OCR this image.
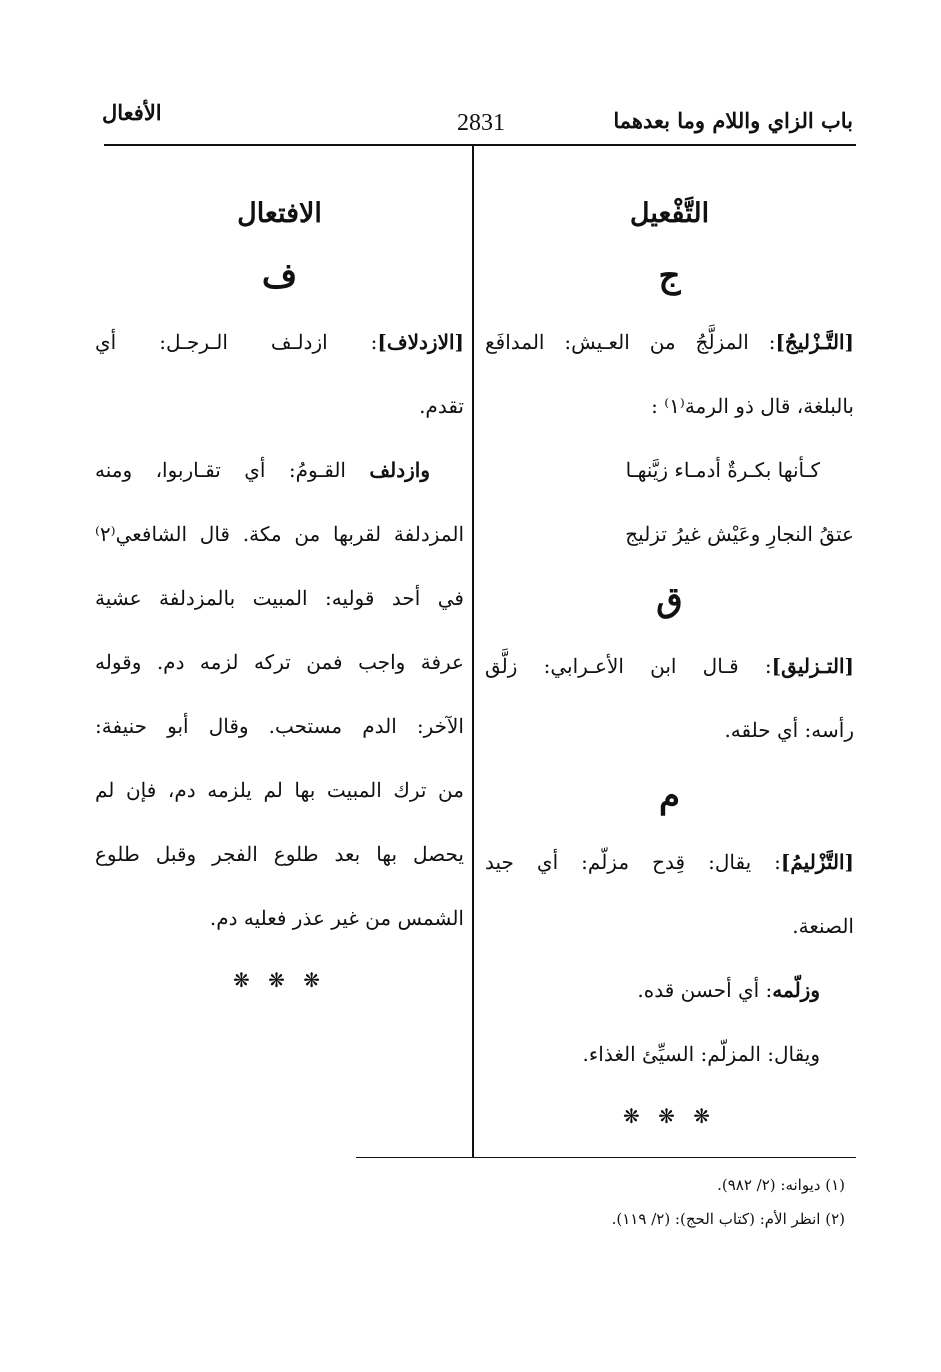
باب الزاي واللام وما بعدهما
2831
الأفعال
التَّفْعيل
ج
[التَّـزْليجُ]: المزلَّجُ من العـيش: المدافَع
بالبلغة، قال ذو الرمة⁽١⁾ :
كـأنها بكـرةٌ أدمـاء زيَّنهـا
عتقُ النجارِ وعَيْش غيرُ تزليج
ق
[التـزليق]: قـال ابن الأعـرابي: زلَّق
رأسه: أي حلقه.
م
[التَّزْليمُ]: يقال: قِدح مزلّم: أي جيد
الصنعة.
وزلّمه: أي أحسن قده.
ويقال: المزلّم: السيِّئ الغذاء.
❋ ❋ ❋
الافتعال
ف
[الازدلاف]: ازدلـف الـرجـل: أي
تقدم.
وازدلف القـومُ: أي تقـاربوا، ومنه
المزدلفة لقربها من مكة. قال الشافعي⁽٢⁾
في أحد قوليه: المبيت بالمزدلفة عشية
عرفة واجب فمن تركه لزمه دم. وقوله
الآخر: الدم مستحب. وقال أبو حنيفة:
من ترك المبيت بها لم يلزمه دم، فإن لم
يحصل بها بعد طلوع الفجر وقبل طلوع
الشمس من غير عذر فعليه دم.
❋ ❋ ❋
(١) ديوانه: (٢/ ٩٨٢).
(٢) انظر الأم: (كتاب الحج): (٢/ ١١٩).
